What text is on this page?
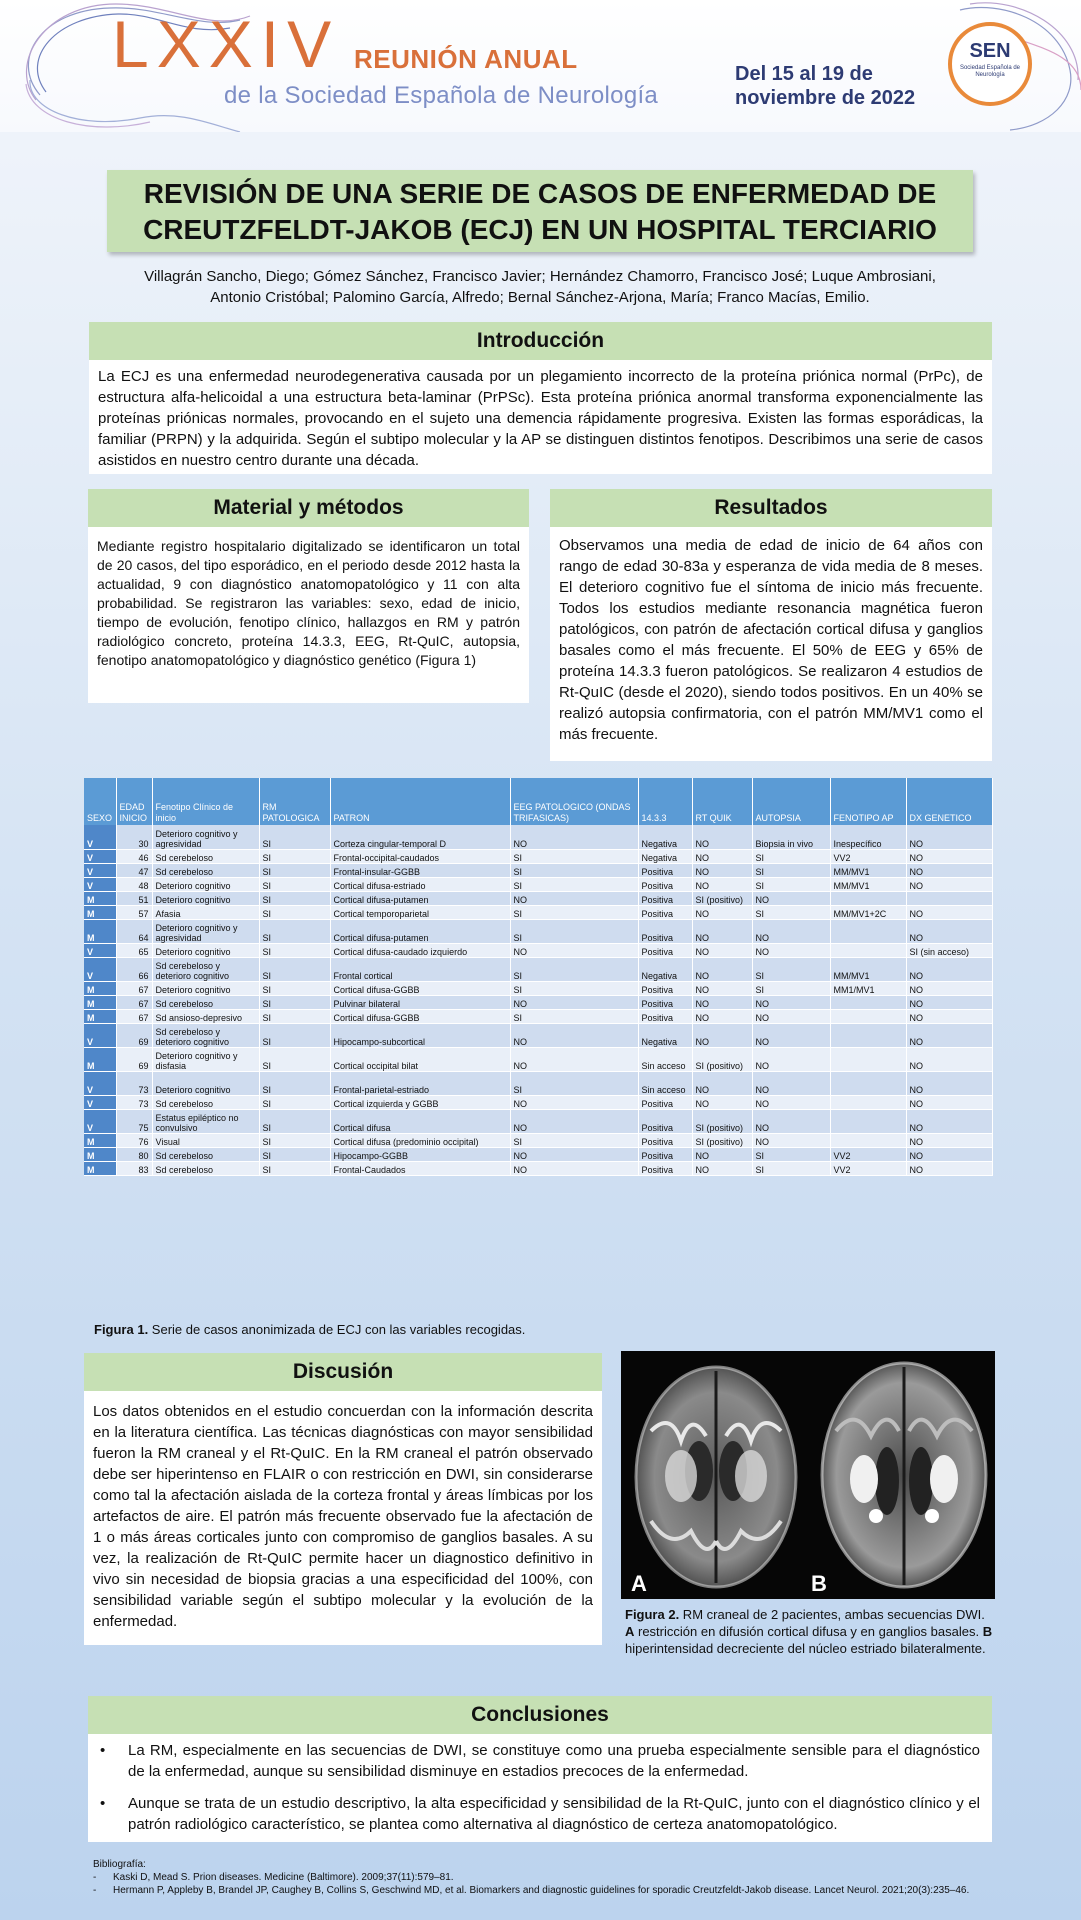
LXXIV REUNIÓN ANUAL
de la Sociedad Española de Neurología
Del 15 al 19 de
noviembre de 2022
SEN
Sociedad Española de Neurología
REVISIÓN DE UNA SERIE DE CASOS DE ENFERMEDAD DE
CREUTZFELDT-JAKOB (ECJ) EN UN HOSPITAL TERCIARIO
Villagrán Sancho, Diego; Gómez Sánchez, Francisco Javier; Hernández Chamorro, Francisco José; Luque Ambrosiani,
Antonio Cristóbal; Palomino García, Alfredo; Bernal Sánchez-Arjona, María; Franco Macías, Emilio.
Introducción
La ECJ es una enfermedad neurodegenerativa causada por un plegamiento incorrecto de la proteína priónica normal (PrPc), de estructura alfa-helicoidal a una estructura beta-laminar (PrPSc). Esta proteína priónica anormal transforma exponencialmente las proteínas priónicas normales, provocando en el sujeto una demencia rápidamente progresiva. Existen las formas esporádicas, la familiar (PRPN) y la adquirida. Según el subtipo molecular y la AP se distinguen distintos fenotipos. Describimos una serie de casos asistidos en nuestro centro durante una década.
Material y métodos
Mediante registro hospitalario digitalizado se identificaron un total de 20 casos, del tipo esporádico, en el periodo desde 2012 hasta la actualidad, 9 con diagnóstico anatomopatológico y 11 con alta probabilidad. Se registraron las variables: sexo, edad de inicio, tiempo de evolución, fenotipo clínico, hallazgos en RM y patrón radiológico concreto, proteína 14.3.3, EEG, Rt-QuIC, autopsia, fenotipo anatomopatológico y diagnóstico genético (Figura 1)
Resultados
Observamos una media de edad de inicio de 64 años con rango de edad 30-83a y esperanza de vida media de 8 meses. El deterioro cognitivo fue el síntoma de inicio más frecuente. Todos los estudios mediante resonancia magnética fueron patológicos, con patrón de afectación cortical difusa y ganglios basales como el más frecuente. El 50% de EEG y 65% de proteína 14.3.3 fueron patológicos. Se realizaron 4 estudios de Rt-QuIC (desde el 2020), siendo todos positivos. En un 40% se realizó autopsia confirmatoria, con el patrón MM/MV1 como el más frecuente.
SEXO	EDAD INICIO	Fenotipo Clínico de inicio	RM PATOLOGICA	PATRON	EEG PATOLOGICO (ONDAS TRIFASICAS)	14.3.3	RT QUIK	AUTOPSIA	FENOTIPO AP	DX GENETICO
V	30	Deterioro cognitivo y agresividad	SI	Corteza cingular-temporal D	NO	Negativa	NO	Biopsia in vivo	Inespecífico	NO
V	46	Sd cerebeloso	SI	Frontal-occipital-caudados	SI	Negativa	NO	SI	VV2	NO
V	47	Sd cerebeloso	SI	Frontal-insular-GGBB	SI	Positiva	NO	SI	MM/MV1	NO
V	48	Deterioro cognitivo	SI	Cortical difusa-estriado	SI	Positiva	NO	SI	MM/MV1	NO
M	51	Deterioro cognitivo	SI	Cortical difusa-putamen	NO	Positiva	SI (positivo)	NO		
M	57	Afasia	SI	Cortical temporoparietal	SI	Positiva	NO	SI	MM/MV1+2C	NO
M	64	Deterioro cognitivo y agresividad	SI	Cortical difusa-putamen	SI	Positiva	NO	NO		NO
V	65	Deterioro cognitivo	SI	Cortical difusa-caudado izquierdo	NO	Positiva	NO	NO		SI (sin acceso)
V	66	Sd cerebeloso y deterioro cognitivo	SI	Frontal cortical	SI	Negativa	NO	SI	MM/MV1	NO
M	67	Deterioro cognitivo	SI	Cortical difusa-GGBB	SI	Positiva	NO	SI	MM1/MV1	NO
M	67	Sd cerebeloso	SI	Pulvinar bilateral	NO	Positiva	NO	NO		NO
M	67	Sd ansioso-depresivo	SI	Cortical difusa-GGBB	SI	Positiva	NO	NO		NO
V	69	Sd cerebeloso y deterioro cognitivo	SI	Hipocampo-subcortical	NO	Negativa	NO	NO		NO
M	69	Deterioro cognitivo y disfasia	SI	Cortical occipital bilat	NO	Sin acceso	SI (positivo)	NO		NO
V	73	Deterioro cognitivo	SI	Frontal-parietal-estriado	SI	Sin acceso	NO	NO		NO
V	73	Sd cerebeloso	SI	Cortical izquierda y GGBB	NO	Positiva	NO	NO		NO
V	75	Estatus epiléptico no convulsivo	SI	Cortical difusa	NO	Positiva	SI (positivo)	NO		NO
M	76	Visual	SI	Cortical difusa (predominio occipital)	SI	Positiva	SI (positivo)	NO		NO
M	80	Sd cerebeloso	SI	Hipocampo-GGBB	NO	Positiva	NO	SI	VV2	NO
M	83	Sd cerebeloso	SI	Frontal-Caudados	NO	Positiva	NO	SI	VV2	NO
Figura 1. Serie de casos anonimizada de ECJ con las variables recogidas.
Discusión
Los datos obtenidos en el estudio concuerdan con la información descrita en la literatura científica. Las técnicas diagnósticas con mayor sensibilidad fueron la RM craneal y el Rt-QuIC. En la RM craneal el patrón observado debe ser hiperintenso en FLAIR o con restricción en DWI, sin considerarse como tal la afectación aislada de la corteza frontal y áreas límbicas por los artefactos de aire. El patrón más frecuente observado fue la afectación de 1 o más áreas corticales junto con compromiso de ganglios basales. A su vez, la realización de Rt-QuIC permite hacer un diagnostico definitivo in vivo sin necesidad de biopsia gracias a una especificidad del 100%, con sensibilidad variable según el subtipo molecular y la evolución de la enfermedad.
A	B
Figura 2. RM craneal de 2 pacientes, ambas secuencias DWI.
A restricción en difusión cortical difusa y en ganglios basales. B hiperintensidad decreciente del núcleo estriado bilateralmente.
Conclusiones
• La RM, especialmente en las secuencias de DWI, se constituye como una prueba especialmente sensible para el diagnóstico de la enfermedad, aunque su sensibilidad disminuye en estadios precoces de la enfermedad.
• Aunque se trata de un estudio descriptivo, la alta especificidad y sensibilidad de la Rt-QuIC, junto con el diagnóstico clínico y el patrón radiológico característico, se plantea como alternativa al diagnóstico de certeza anatomopatológico.
Bibliografía:
-	Kaski D, Mead S. Prion diseases. Medicine (Baltimore). 2009;37(11):579–81.
-	Hermann P, Appleby B, Brandel JP, Caughey B, Collins S, Geschwind MD, et al. Biomarkers and diagnostic guidelines for sporadic Creutzfeldt-Jakob disease. Lancet Neurol. 2021;20(3):235–46.
